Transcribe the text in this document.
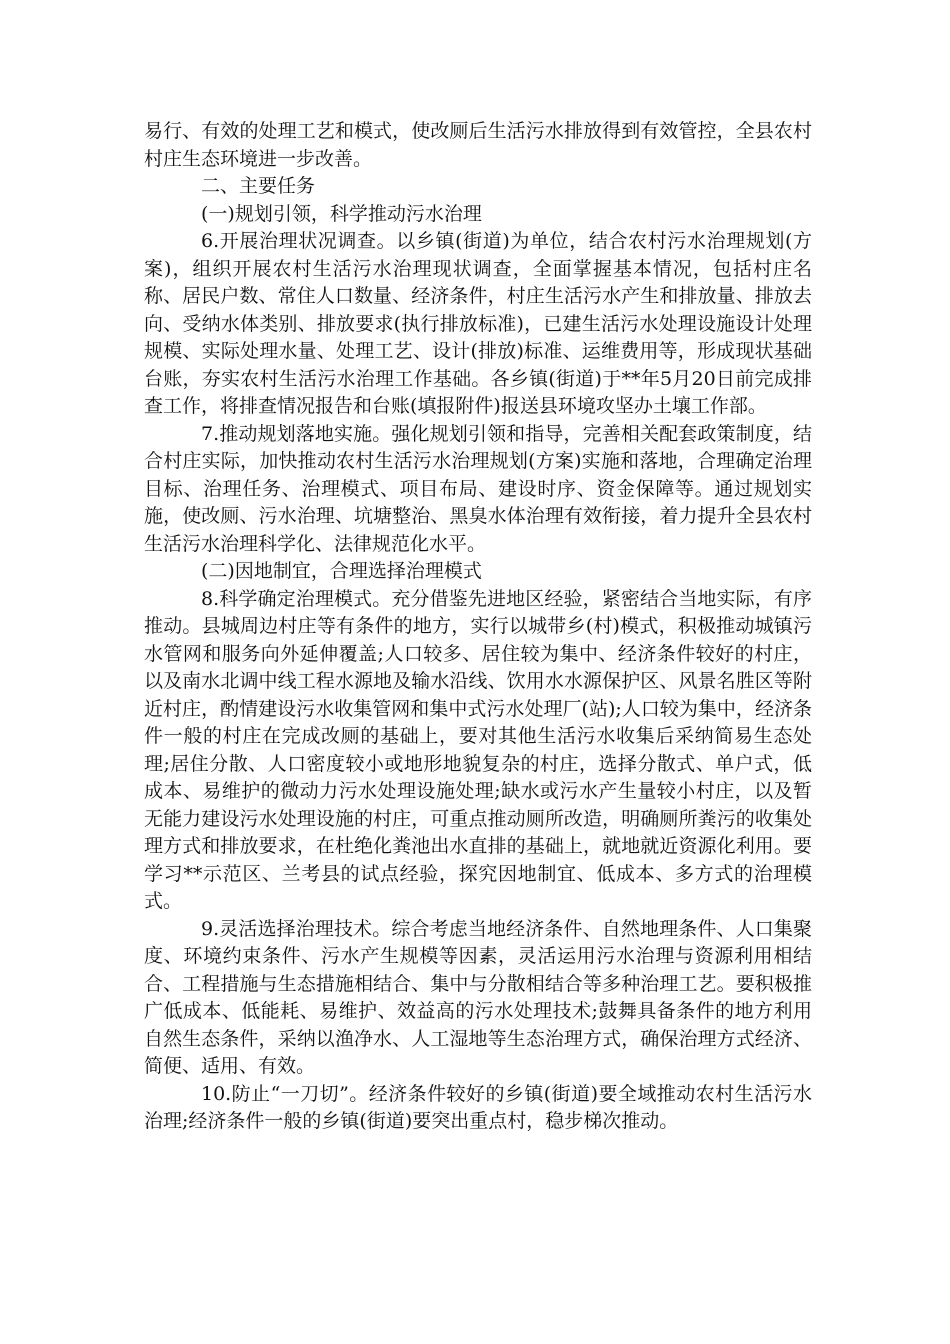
易行、有效的处理工艺和模式，使改厕后生活污水排放得到有效管控，全县农村村庄生态环境进一步改善。

二、主要任务

(一)规划引领，科学推动污水治理

6.开展治理状况调查。以乡镇(街道)为单位，结合农村污水治理规划(方案)，组织开展农村生活污水治理现状调查，全面掌握基本情况，包括村庄名称、居民户数、常住人口数量、经济条件，村庄生活污水产生和排放量、排放去向、受纳水体类别、排放要求(执行排放标准)，已建生活污水处理设施设计处理规模、实际处理水量、处理工艺、设计(排放)标准、运维费用等，形成现状基础台账，夯实农村生活污水治理工作基础。各乡镇(街道)于**年5月20日前完成排查工作，将排查情况报告和台账(填报附件)报送县环境攻坚办土壤工作部。

7.推动规划落地实施。强化规划引领和指导，完善相关配套政策制度，结合村庄实际，加快推动农村生活污水治理规划(方案)实施和落地，合理确定治理目标、治理任务、治理模式、项目布局、建设时序、资金保障等。通过规划实施，使改厕、污水治理、坑塘整治、黑臭水体治理有效衔接，着力提升全县农村生活污水治理科学化、法律规范化水平。

(二)因地制宜，合理选择治理模式

8.科学确定治理模式。充分借鉴先进地区经验，紧密结合当地实际，有序推动。县城周边村庄等有条件的地方，实行以城带乡(村)模式，积极推动城镇污水管网和服务向外延伸覆盖;人口较多、居住较为集中、经济条件较好的村庄，以及南水北调中线工程水源地及输水沿线、饮用水水源保护区、风景名胜区等附近村庄，酌情建设污水收集管网和集中式污水处理厂(站);人口较为集中，经济条件一般的村庄在完成改厕的基础上，要对其他生活污水收集后采纳简易生态处理;居住分散、人口密度较小或地形地貌复杂的村庄，选择分散式、单户式，低成本、易维护的微动力污水处理设施处理;缺水或污水产生量较小村庄，以及暂无能力建设污水处理设施的村庄，可重点推动厕所改造，明确厕所粪污的收集处理方式和排放要求，在杜绝化粪池出水直排的基础上，就地就近资源化利用。要学习**示范区、兰考县的试点经验，探究因地制宜、低成本、多方式的治理模式。

9.灵活选择治理技术。综合考虑当地经济条件、自然地理条件、人口集聚度、环境约束条件、污水产生规模等因素，灵活运用污水治理与资源利用相结合、工程措施与生态措施相结合、集中与分散相结合等多种治理工艺。要积极推广低成本、低能耗、易维护、效益高的污水处理技术;鼓舞具备条件的地方利用自然生态条件，采纳以渔净水、人工湿地等生态治理方式，确保治理方式经济、简便、适用、有效。

10.防止“一刀切”。经济条件较好的乡镇(街道)要全域推动农村生活污水治理;经济条件一般的乡镇(街道)要突出重点村，稳步梯次推动。
